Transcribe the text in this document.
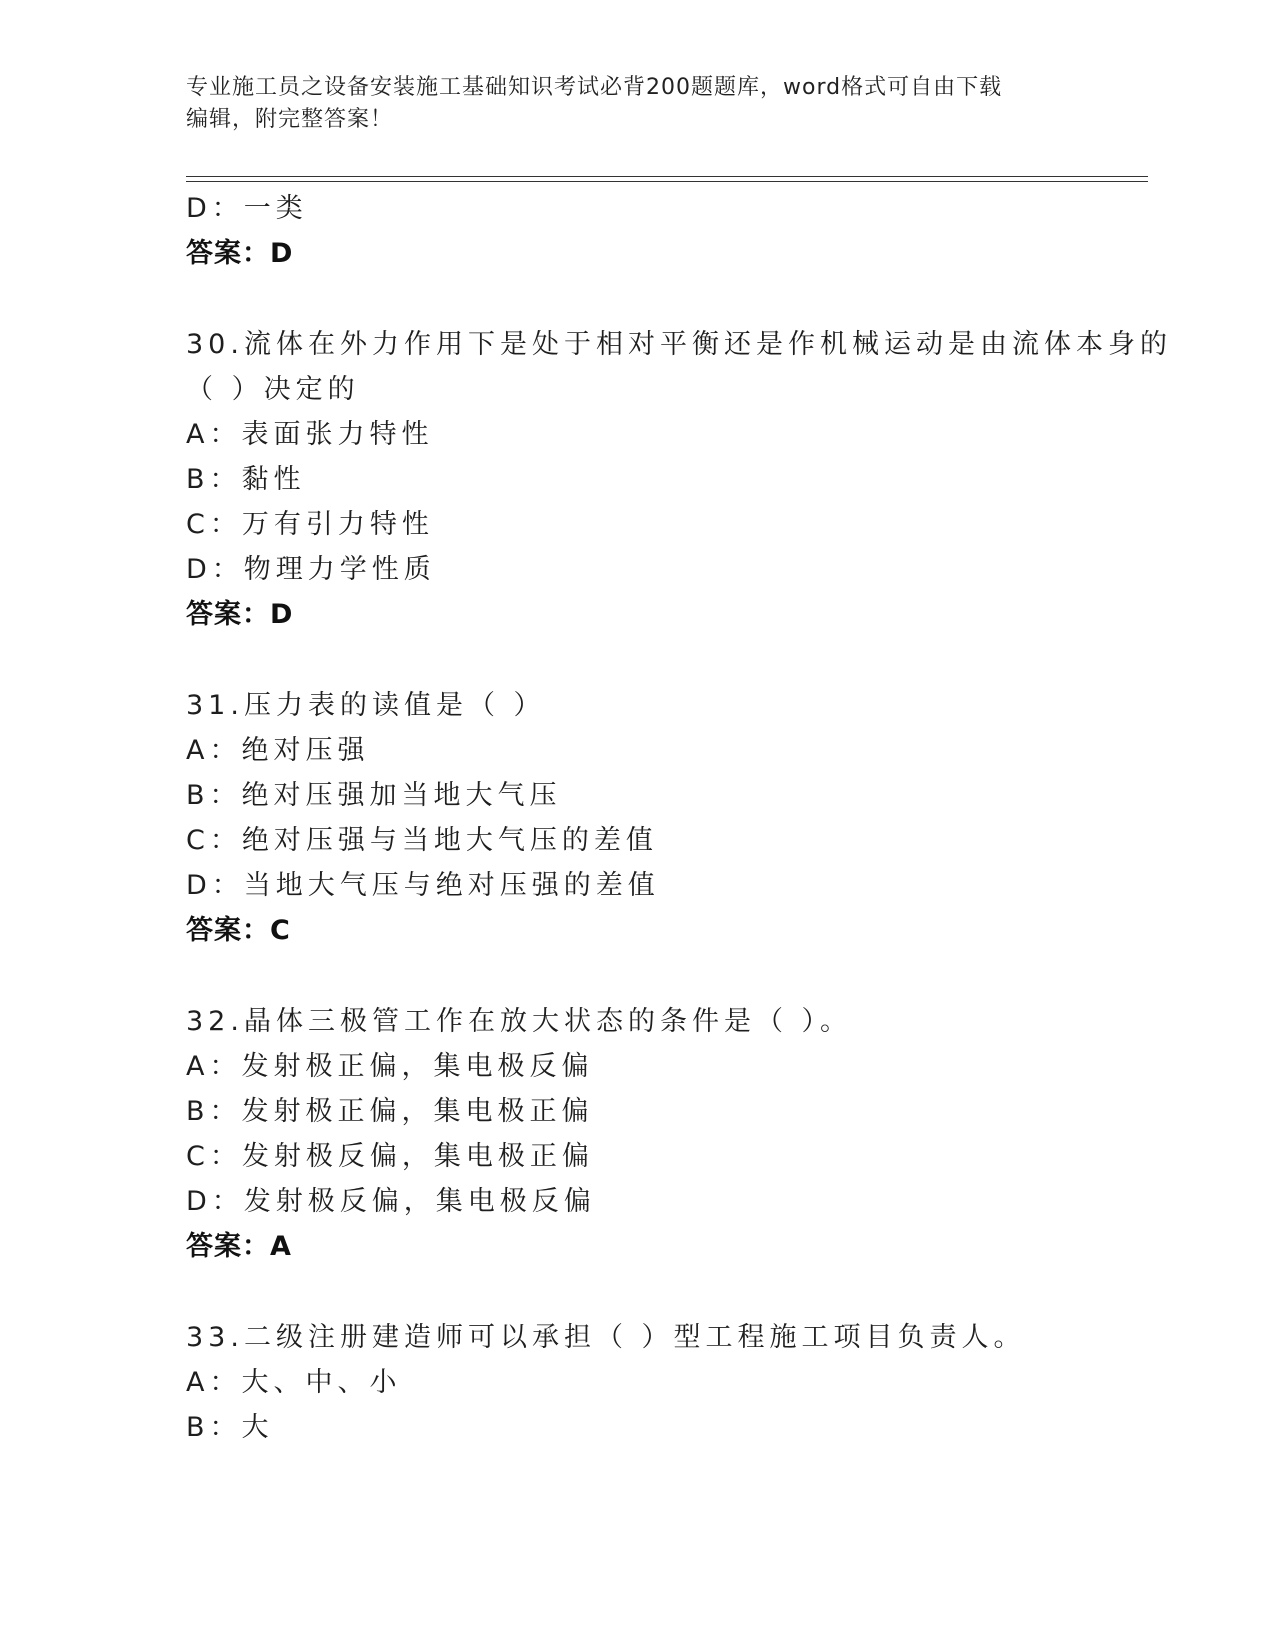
专业施工员之设备安装施工基础知识考试必背200题题库，word格式可自由下载
编辑，附完整答案！
D：一类
答案：D
30.流体在外力作用下是处于相对平衡还是作机械运动是由流体本身的
（ ）决定的
A：表面张力特性
B：黏性
C：万有引力特性
D：物理力学性质
答案：D
31.压力表的读值是（ ）
A：绝对压强
B：绝对压强加当地大气压
C：绝对压强与当地大气压的差值
D：当地大气压与绝对压强的差值
答案：C
32.晶体三极管工作在放大状态的条件是（ ）。
A：发射极正偏，集电极反偏
B：发射极正偏，集电极正偏
C：发射极反偏，集电极正偏
D：发射极反偏，集电极反偏
答案：A
33.二级注册建造师可以承担（ ）型工程施工项目负责人。
A：大、中、小
B：大
